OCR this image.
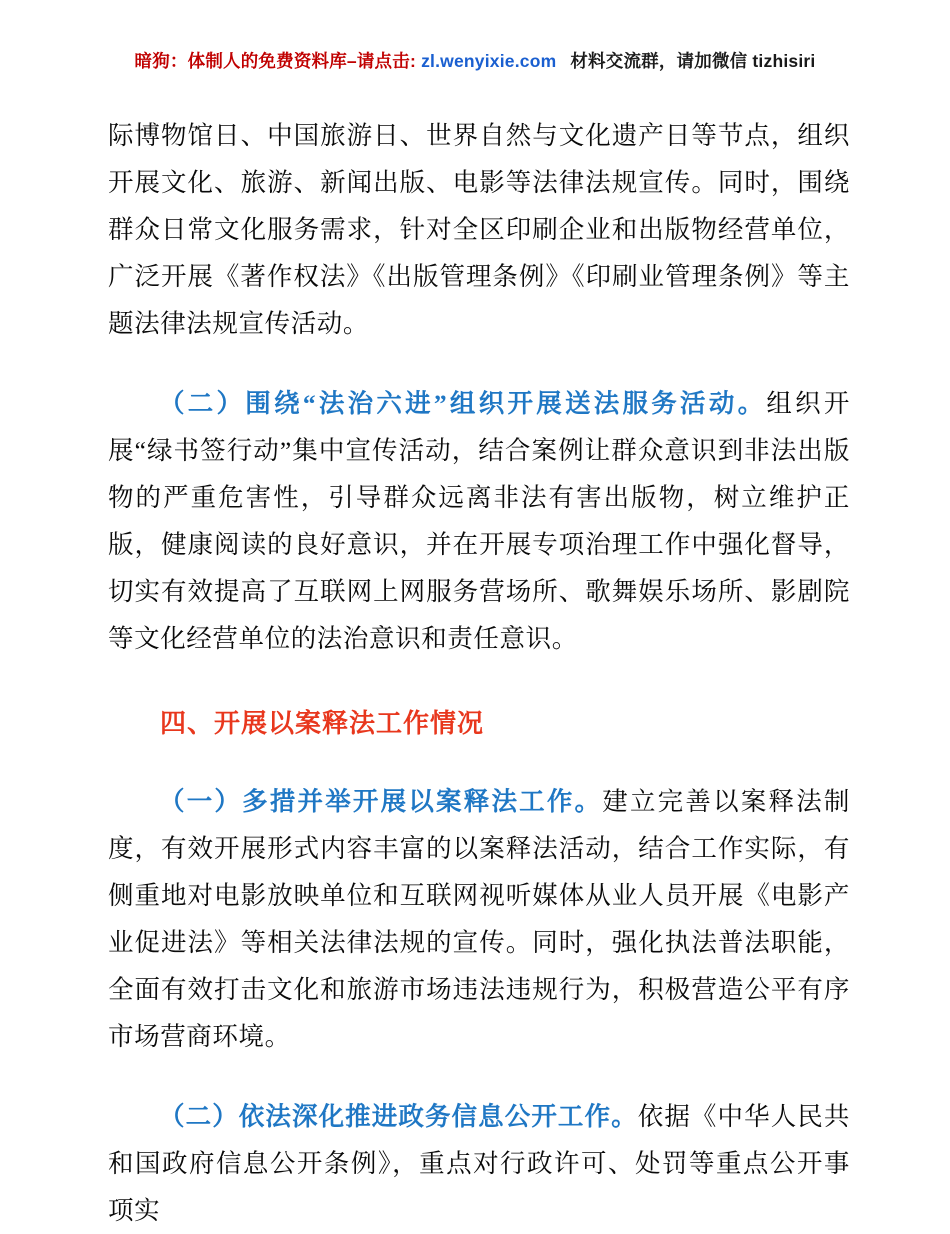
暗狗：体制人的免费资料库–请点击: zl.wenyixie.com 材料交流群，请加微信 tizhisiri

际博物馆日、中国旅游日、世界自然与文化遗产日等节点，组织开展文化、旅游、新闻出版、电影等法律法规宣传。同时，围绕群众日常文化服务需求，针对全区印刷企业和出版物经营单位，广泛开展《著作权法》《出版管理条例》《印刷业管理条例》等主题法律法规宣传活动。

（二）围绕“法治六进”组织开展送法服务活动。组织开展“绿书签行动”集中宣传活动，结合案例让群众意识到非法出版物的严重危害性，引导群众远离非法有害出版物，树立维护正版，健康阅读的良好意识，并在开展专项治理工作中强化督导，切实有效提高了互联网上网服务营场所、歌舞娱乐场所、影剧院等文化经营单位的法治意识和责任意识。

四、开展以案释法工作情况

（一）多措并举开展以案释法工作。建立完善以案释法制度，有效开展形式内容丰富的以案释法活动，结合工作实际，有侧重地对电影放映单位和互联网视听媒体从业人员开展《电影产业促进法》等相关法律法规的宣传。同时，强化执法普法职能，全面有效打击文化和旅游市场违法违规行为，积极营造公平有序市场营商环境。

（二）依法深化推进政务信息公开工作。依据《中华人民共和国政府信息公开条例》，重点对行政许可、处罚等重点公开事项实
